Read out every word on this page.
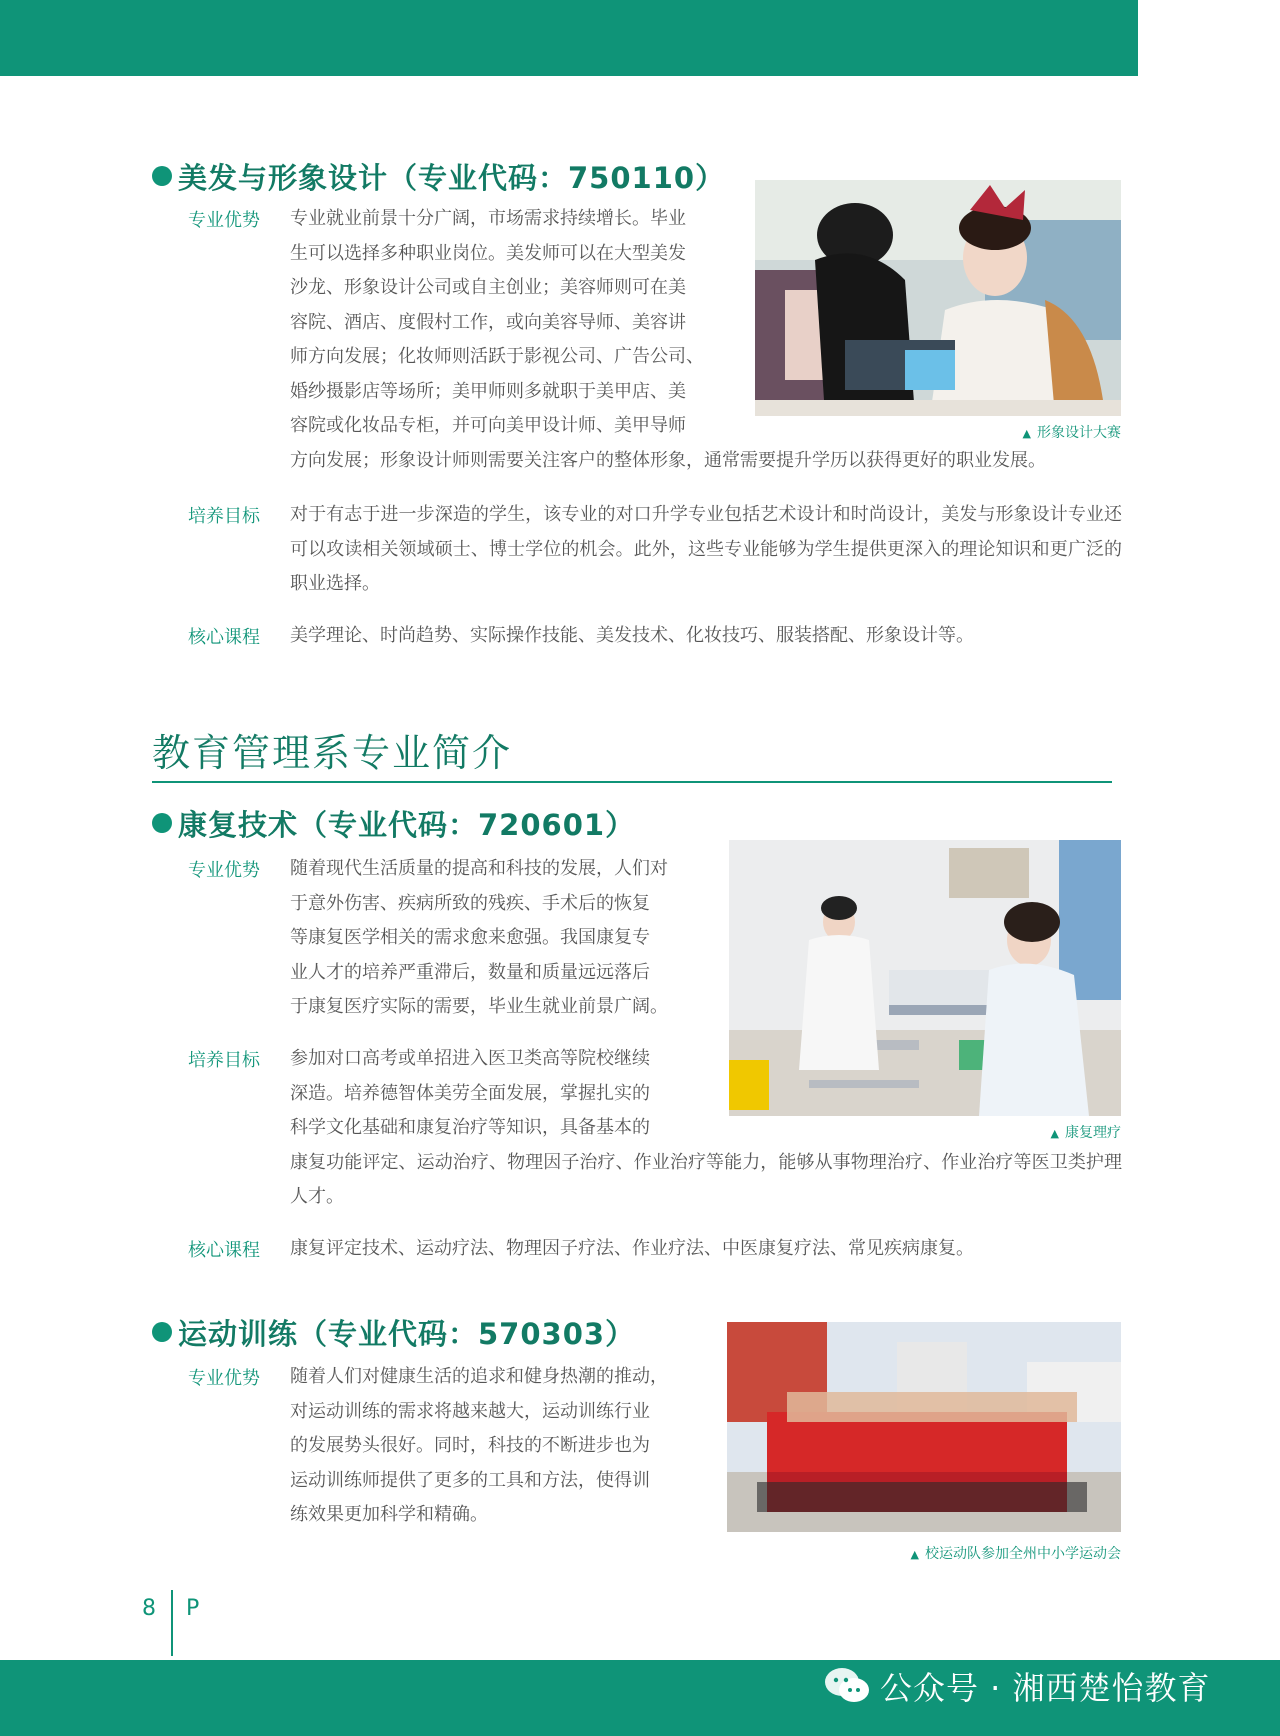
美发与形象设计（专业代码：750110）
专业优势 专业就业前景十分广阔，市场需求持续增长。毕业

生可以选择多种职业岗位。美发师可以在大型美发

沙龙、形象设计公司或自主创业；美容师则可在美

容院、酒店、度假村工作，或向美容导师、美容讲

师方向发展；化妆师则活跃于影视公司、广告公司、

婚纱摄影店等场所；美甲师则多就职于美甲店、美

容院或化妆品专柜，并可向美甲设计师、美甲导师

方向发展；形象设计师则需要关注客户的整体形象，通常需要提升学历以获得更好的职业发展。

▲ 形象设计大赛
培养目标 对于有志于进一步深造的学生，该专业的对口升学专业包括艺术设计和时尚设计，美发与形象设计专业还可以攻读相关领域硕士、博士学位的机会。此外，这些专业能够为学生提供更深入的理论知识和更广泛的职业选择。

核心课程 美学理论、时尚趋势、实际操作技能、美发技术、化妆技巧、服装搭配、形象设计等。

教育管理系专业简介
康复技术（专业代码：720601）
专业优势 随着现代生活质量的提高和科技的发展，人们对

于意外伤害、疾病所致的残疾、手术后的恢复

等康复医学相关的需求愈来愈强。我国康复专

业人才的培养严重滞后，数量和质量远远落后

于康复医疗实际的需要，毕业生就业前景广阔。

培养目标 参加对口高考或单招进入医卫类高等院校继续

深造。培养德智体美劳全面发展，掌握扎实的

科学文化基础和康复治疗等知识，具备基本的

康复功能评定、运动治疗、物理因子治疗、作业治疗等能力，能够从事物理治疗、作业治疗等医卫类护理人才。

▲ 康复理疗
核心课程 康复评定技术、运动疗法、物理因子疗法、作业疗法、中医康复疗法、常见疾病康复。

运动训练（专业代码：570303）
专业优势 随着人们对健康生活的追求和健身热潮的推动，

对运动训练的需求将越来越大，运动训练行业

的发展势头很好。同时，科技的不断进步也为

运动训练师提供了更多的工具和方法，使得训

练效果更加科学和精确。

▲ 校运动队参加全州中小学运动会
8 P
公众号 · 湘西楚怡教育
